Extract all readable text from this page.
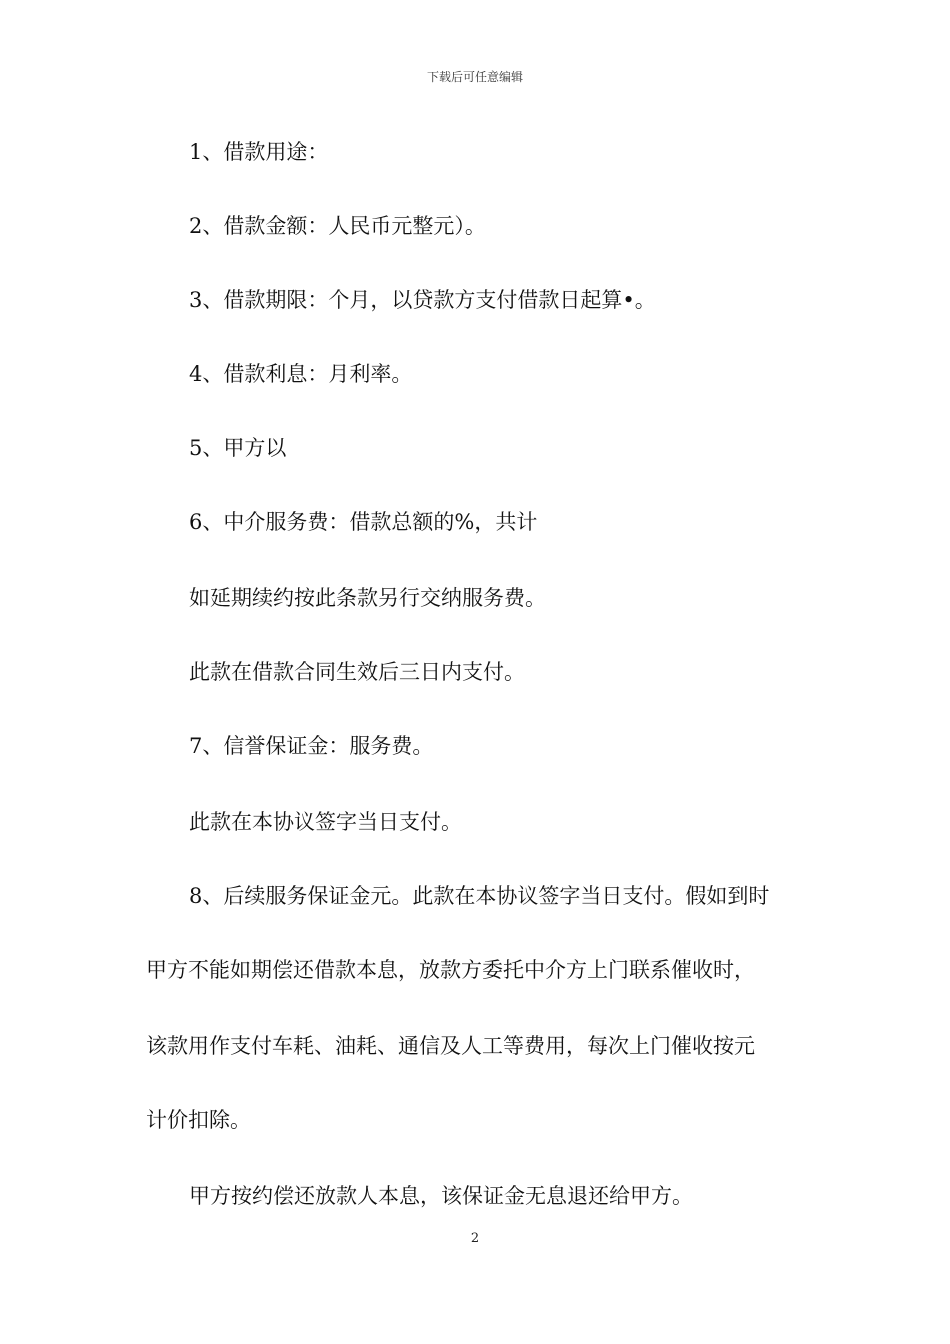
下载后可任意编辑
1、借款用途：
2、借款金额：人民币元整元）。
3、借款期限：个月，以贷款方支付借款日起算•。
4、借款利息：月利率。
5、甲方以
6、中介服务费：借款总额的%，共计
如延期续约按此条款另行交纳服务费。
此款在借款合同生效后三日内支付。
7、信誉保证金：服务费。
此款在本协议签字当日支付。
8、后续服务保证金元。此款在本协议签字当日支付。假如到时
甲方不能如期偿还借款本息，放款方委托中介方上门联系催收时，
该款用作支付车耗、油耗、通信及人工等费用，每次上门催收按元
计价扣除。
甲方按约偿还放款人本息，该保证金无息退还给甲方。
2
